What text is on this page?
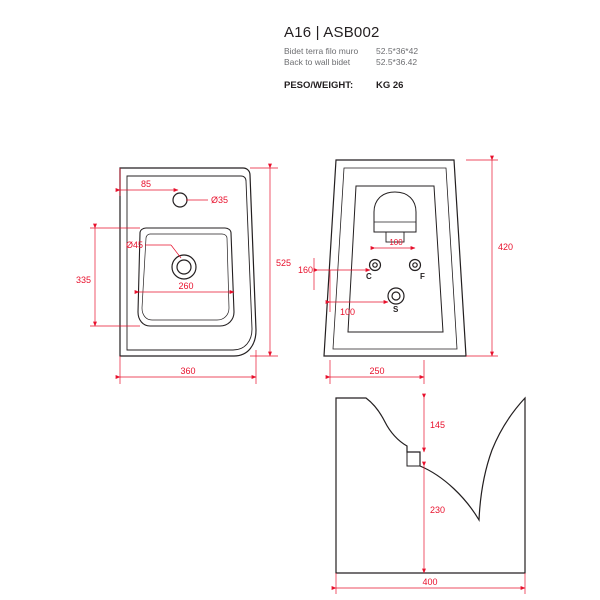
A16 | ASB002
Bidet terra filo muro	52.5*36*42
Back to wall bidet	52.5*36.42
PESO/WEIGHT:	KG 26
85
Ø35
Ø45
260
335
525
360
100
160
100
420
250
C	F
S
145
230
400
